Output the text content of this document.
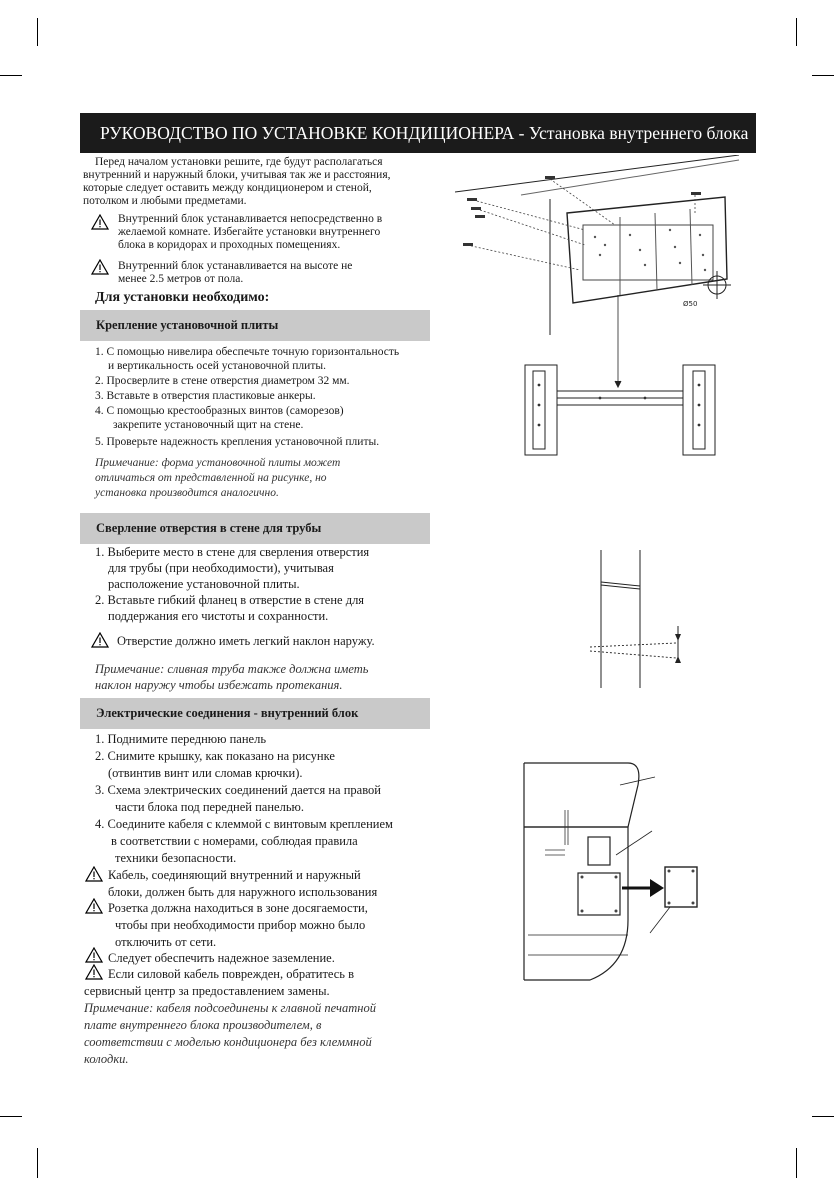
РУКОВОДСТВО ПО УСТАНОВКЕ КОНДИЦИОНЕРА - Установка внутреннего блока
Перед началом установки решите, где будут располагаться
внутренний и наружный блоки, учитывая так же и расстояния,
которые следует оставить между кондиционером и стеной,
потолком и любыми предметами.
Внутренний блок устанавливается непосредственно в
желаемой комнате. Избегайте установки внутреннего
блока в коридорах и проходных помещениях.
Внутренний блок устанавливается на высоте не
менее 2.5 метров от пола.
Для установки необходимо:
Крепление установочной плиты
1. С помощью нивелира обеспечьте точную горизонтальность
и вертикальность осей установочной плиты.
2. Просверлите в стене отверстия диаметром 32 мм.
3. Вставьте в отверстия пластиковые анкеры.
4. С помощью крестообразных винтов (саморезов)
закрепите установочный щит на стене.
5. Проверьте надежность крепления установочной плиты.
Примечание: форма установочной плиты может
отличаться от представленной на рисунке, но
установка производится аналогично.
Ø50
Сверление отверстия в стене для трубы
1. Выберите место в стене для сверления отверстия
для трубы (при необходимости), учитывая
расположение установочной плиты.
2. Вставьте гибкий фланец в отверстие в стене для
поддержания его чистоты и сохранности.
Отверстие должно иметь легкий наклон наружу.
Примечание: сливная труба также должна иметь
наклон наружу чтобы избежать протекания.
Электрические соединения - внутренний блок
1. Поднимите переднюю панель
2. Снимите крышку, как показано на рисунке
(отвинтив винт или сломав крючки).
3. Схема электрических соединений дается на правой
части блока под передней панелью.
4. Соедините кабеля с клеммой с винтовым креплением
в соответствии с номерами, соблюдая правила
техники безопасности.
Кабель, соединяющий внутренний и наружный
блоки, должен быть для наружного использования
Розетка должна находиться в зоне досягаемости,
чтобы при необходимости прибор можно было
отключить от сети.
Следует обеспечить надежное заземление.
Если силовой кабель поврежден, обратитесь в
сервисный центр за предоставлением замены.
Примечание: кабеля подсоединены к главной печатной
плате внутреннего блока производителем, в
соответствии с моделью кондиционера без клеммной
колодки.
